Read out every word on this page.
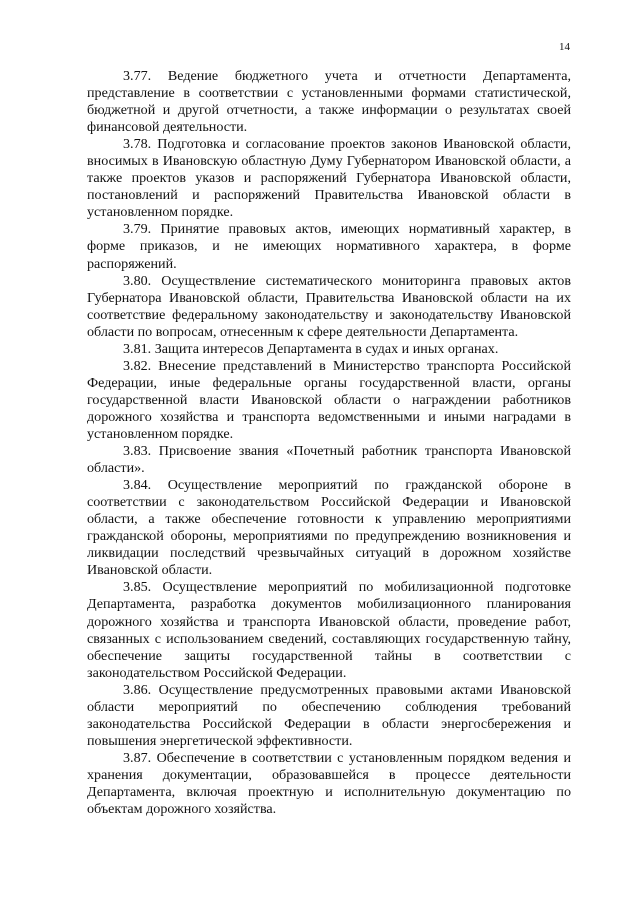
14

3.77. Ведение бюджетного учета и отчетности Департамента, представление в соответствии с установленными формами статистической, бюджетной и другой отчетности, а также информации о результатах своей финансовой деятельности.

3.78. Подготовка и согласование проектов законов Ивановской области, вносимых в Ивановскую областную Думу Губернатором Ивановской области, а также проектов указов и распоряжений Губернатора Ивановской области, постановлений и распоряжений Правительства Ивановской области в установленном порядке.

3.79. Принятие правовых актов, имеющих нормативный характер, в форме приказов, и не имеющих нормативного характера, в форме распоряжений.

3.80. Осуществление систематического мониторинга правовых актов Губернатора Ивановской области, Правительства Ивановской области на их соответствие федеральному законодательству и законодательству Ивановской области по вопросам, отнесенным к сфере деятельности Департамента.

3.81. Защита интересов Департамента в судах и иных органах.

3.82. Внесение представлений в Министерство транспорта Российской Федерации, иные федеральные органы государственной власти, органы государственной власти Ивановской области о награждении работников дорожного хозяйства и транспорта ведомственными и иными наградами в установленном порядке.

3.83. Присвоение звания «Почетный работник транспорта Ивановской области».

3.84. Осуществление мероприятий по гражданской обороне в соответствии с законодательством Российской Федерации и Ивановской области, а также обеспечение готовности к управлению мероприятиями гражданской обороны, мероприятиями по предупреждению возникновения и ликвидации последствий чрезвычайных ситуаций в дорожном хозяйстве Ивановской области.

3.85. Осуществление мероприятий по мобилизационной подготовке Департамента, разработка документов мобилизационного планирования дорожного хозяйства и транспорта Ивановской области, проведение работ, связанных с использованием сведений, составляющих государственную тайну, обеспечение защиты государственной тайны в соответствии с законодательством Российской Федерации.

3.86. Осуществление предусмотренных правовыми актами Ивановской области мероприятий по обеспечению соблюдения требований законодательства Российской Федерации в области энергосбережения и повышения энергетической эффективности.

3.87. Обеспечение в соответствии с установленным порядком ведения и хранения документации, образовавшейся в процессе деятельности Департамента, включая проектную и исполнительную документацию по объектам дорожного хозяйства.
